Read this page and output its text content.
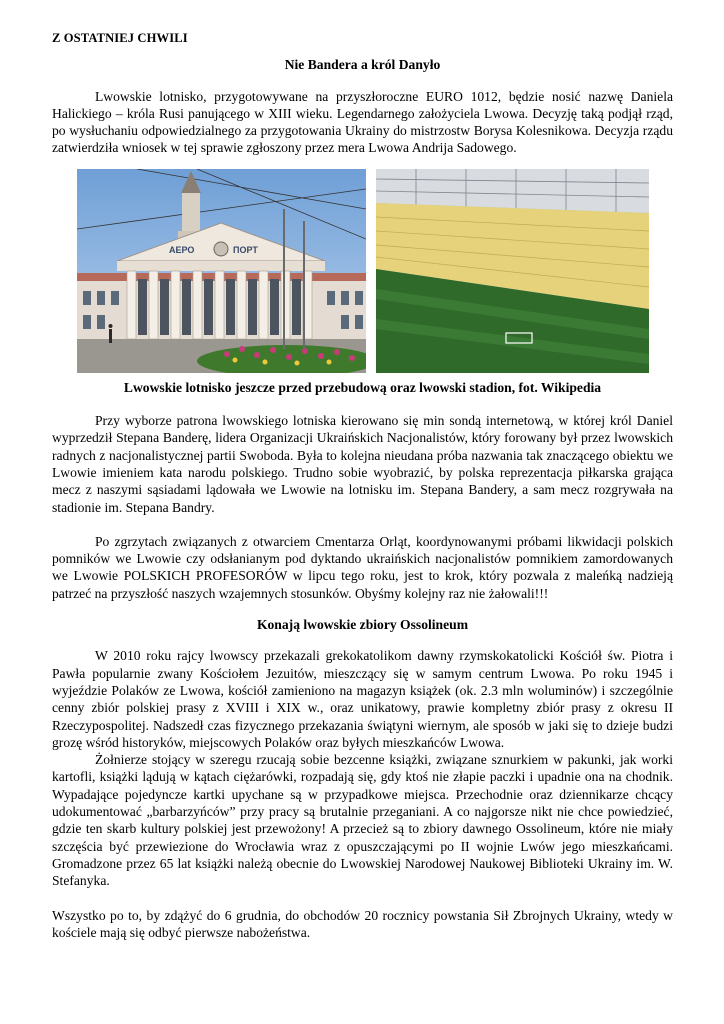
Z OSTATNIEJ CHWILI
Nie Bandera a król Danyło

Lwowskie lotnisko, przygotowywane na przyszłoroczne EURO 1012, będzie nosić nazwę Daniela Halickiego – króla Rusi panującego w XIII wieku. Legendarnego założyciela Lwowa. Decyzję taką podjął rząd, po wysłuchaniu odpowiedzialnego za przygotowania Ukrainy do mistrzostw Borysa Kolesnikowa. Decyzja rządu zatwierdziła wniosek w tej sprawie zgłoszony przez mera Lwowa Andrija Sadowego.

АЕРО	ПОРТ
Lwowskie lotnisko jeszcze przed przebudową oraz lwowski stadion, fot. Wikipedia

Przy wyborze patrona lwowskiego lotniska kierowano się min sondą internetową, w której król Daniel wyprzedził Stepana Banderę, lidera Organizacji Ukraińskich Nacjonalistów, który forowany był przez lwowskich radnych z nacjonalistycznej partii Swoboda. Była to kolejna nieudana próba nazwania tak znaczącego obiektu we Lwowie imieniem kata narodu polskiego. Trudno sobie wyobrazić, by polska reprezentacja piłkarska grająca mecz z naszymi sąsiadami lądowała we Lwowie na lotnisku im. Stepana Bandery, a sam mecz rozgrywała na stadionie im. Stepana Bandry.

Po zgrzytach związanych z otwarciem Cmentarza Orląt, koordynowanymi próbami likwidacji polskich pomników we Lwowie czy odsłanianym pod dyktando ukraińskich nacjonalistów pomnikiem zamordowanych we Lwowie POLSKICH PROFESORÓW w lipcu tego roku, jest to krok, który pozwala z maleńką nadzieją patrzeć na przyszłość naszych wzajemnych stosunków. Obyśmy kolejny raz nie żałowali!!!

Konają lwowskie zbiory Ossolineum

W 2010 roku rajcy lwowscy przekazali grekokatolikom dawny rzymskokatolicki Kościół św. Piotra i Pawła popularnie zwany Kościołem Jezuitów, mieszczący się w samym centrum Lwowa. Po roku 1945 i wyjeździe Polaków ze Lwowa, kościół zamieniono na magazyn książek (ok. 2.3 mln woluminów) i szczególnie cenny zbiór polskiej prasy z XVIII i XIX w., oraz unikatowy, prawie kompletny zbiór prasy z okresu II Rzeczypospolitej. Nadszedł czas fizycznego przekazania świątyni wiernym, ale sposób w jaki się to dzieje budzi grozę wśród historyków, miejscowych Polaków oraz byłych mieszkańców Lwowa.

Żołnierze stojący w szeregu rzucają sobie bezcenne książki, związane sznurkiem w pakunki, jak worki kartofli, książki lądują w kątach ciężarówki, rozpadają się, gdy ktoś nie złapie paczki i upadnie ona na chodnik. Wypadające pojedyncze kartki upychane są w przypadkowe miejsca. Przechodnie oraz dziennikarze chcący udokumentować „barbarzyńców” przy pracy są brutalnie przeganiani. A co najgorsze nikt nie chce powiedzieć, gdzie ten skarb kultury polskiej jest przewożony! A przecież są to zbiory dawnego Ossolineum, które nie miały szczęścia być przewiezione do Wrocławia wraz z opuszczającymi po II wojnie Lwów jego mieszkańcami. Gromadzone przez 65 lat książki należą obecnie do Lwowskiej Narodowej Naukowej Biblioteki Ukrainy im. W. Stefanyka.

Wszystko po to, by zdążyć do 6 grudnia, do obchodów 20 rocznicy powstania Sił Zbrojnych Ukrainy, wtedy w kościele mają się odbyć pierwsze nabożeństwa.
